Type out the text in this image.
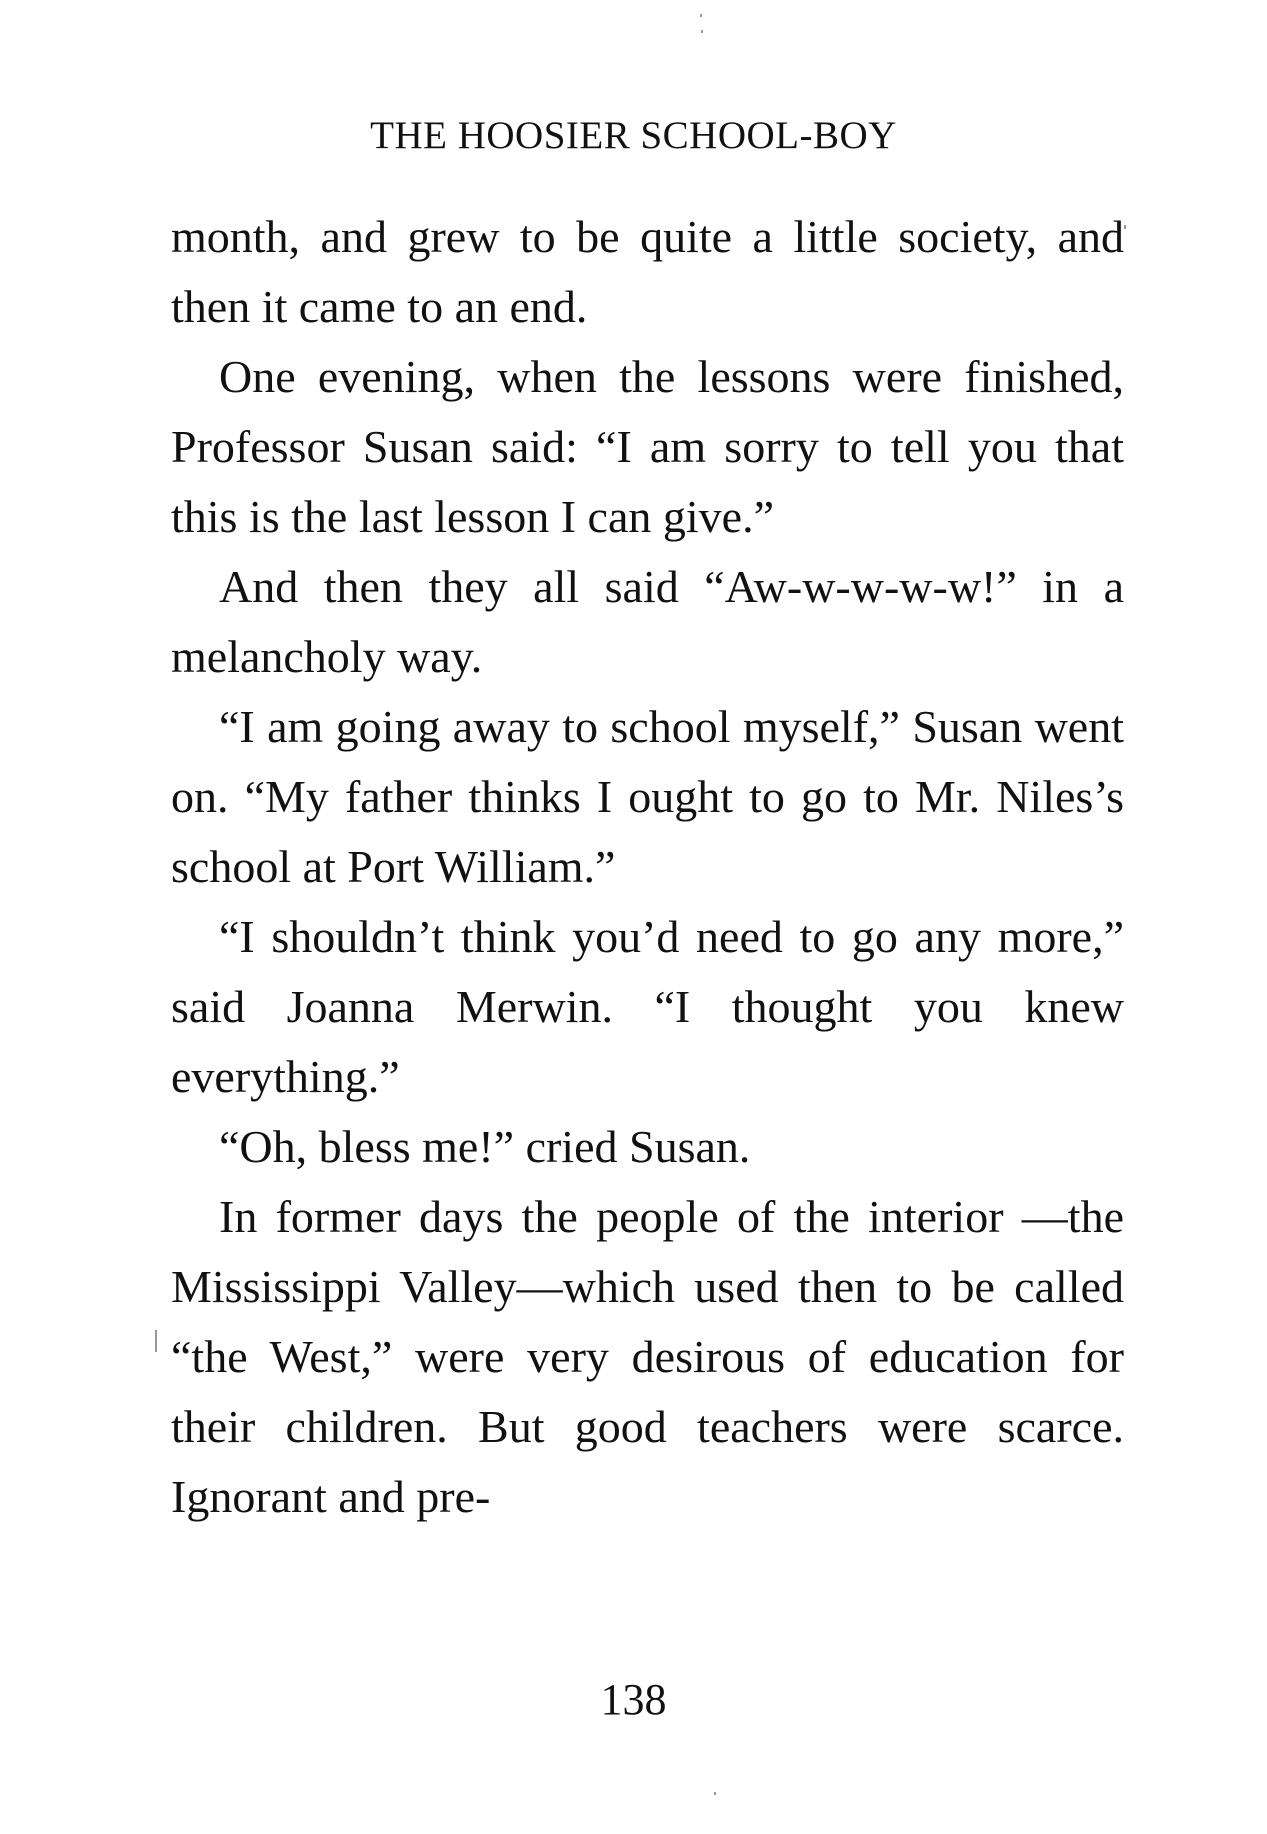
THE HOOSIER SCHOOL-BOY

month, and grew to be quite a little society, and then it came to an end.

One evening, when the lessons were finished, Professor Susan said: “I am sorry to tell you that this is the last lesson I can give.”

And then they all said “Aw-w-w-w-w!” in a melancholy way.

“I am going away to school myself,” Susan went on. “My father thinks I ought to go to Mr. Niles’s school at Port William.”

“I shouldn’t think you’d need to go any more,” said Joanna Merwin. “I thought you knew everything.”

“Oh, bless me!” cried Susan.

In former days the people of the interior —the Mississippi Valley—which used then to be called “the West,” were very desirous of education for their children. But good teachers were scarce. Ignorant and pre-

138
